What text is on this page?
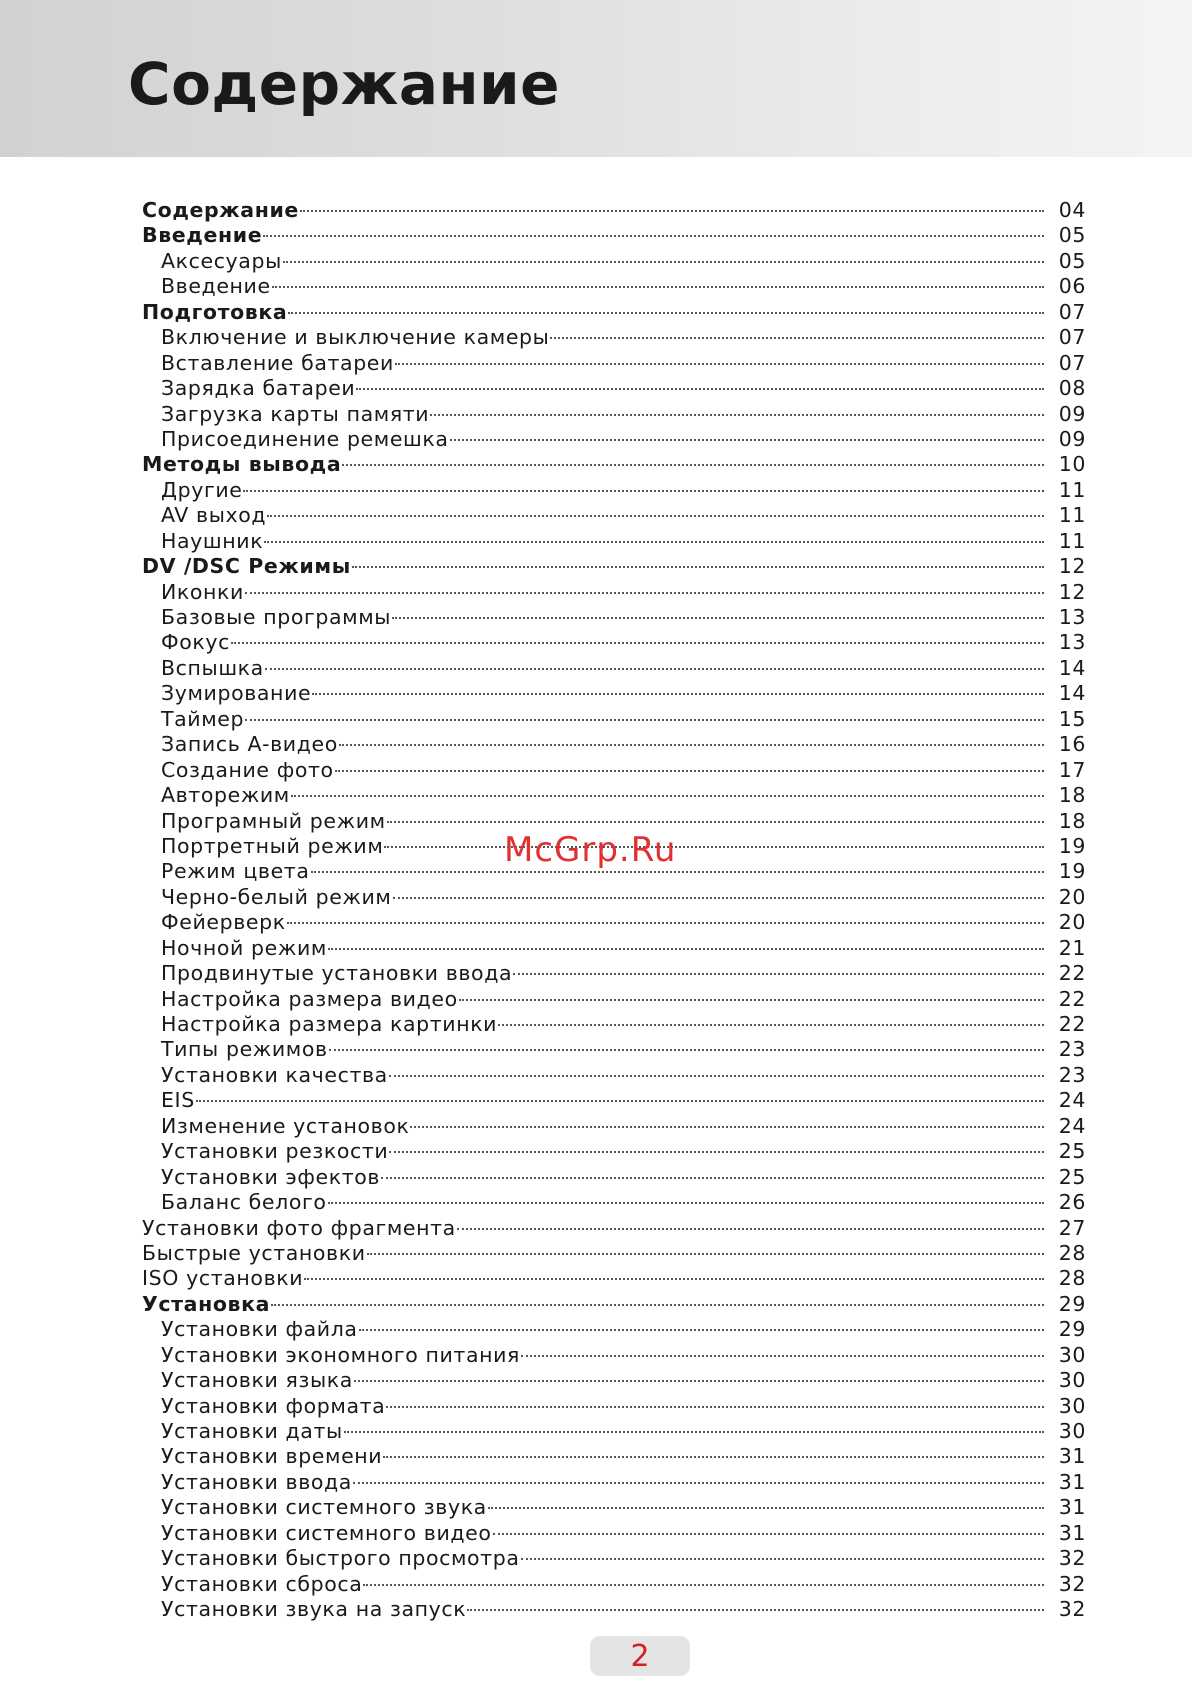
Содержание
Содержание	04
Введение	05
Аксесуары	05
Введение	06
Подготовка	07
Включение и выключение камеры	07
Вставление батареи	07
Зарядка батареи	08
Загрузка карты памяти	09
Присоединение ремешка	09
Методы вывода	10
Другие	11
AV выход	11
Наушник	11
DV /DSC Режимы	12
Иконки	12
Базовые программы	13
Фокус	13
Вспышка	14
Зумирование	14
Таймер	15
Запись А-видео	16
Создание фото	17
Авторежим	18
Програмный режим	18
Портретный режим	19
Режим цвета	19
Черно-белый режим	20
Фейерверк	20
Ночной режим	21
Продвинутые установки ввода	22
Настройка размера видео	22
Настройка размера картинки	22
Типы режимов	23
Установки качества	23
EIS	24
Изменение установок	24
Установки резкости	25
Установки эфектов	25
Баланс белого	26
Установки фото фрагмента	27
Быстрые установки	28
ISO установки	28
Установка	29
Установки файла	29
Установки экономного питания	30
Установки языка	30
Установки формата	30
Установки даты	30
Установки времени	31
Установки ввода	31
Установки системного звука	31
Установки системного видео	31
Установки быстрого просмотра	32
Установки сброса	32
Установки звука на запуск	32
McGrp.Ru
2
